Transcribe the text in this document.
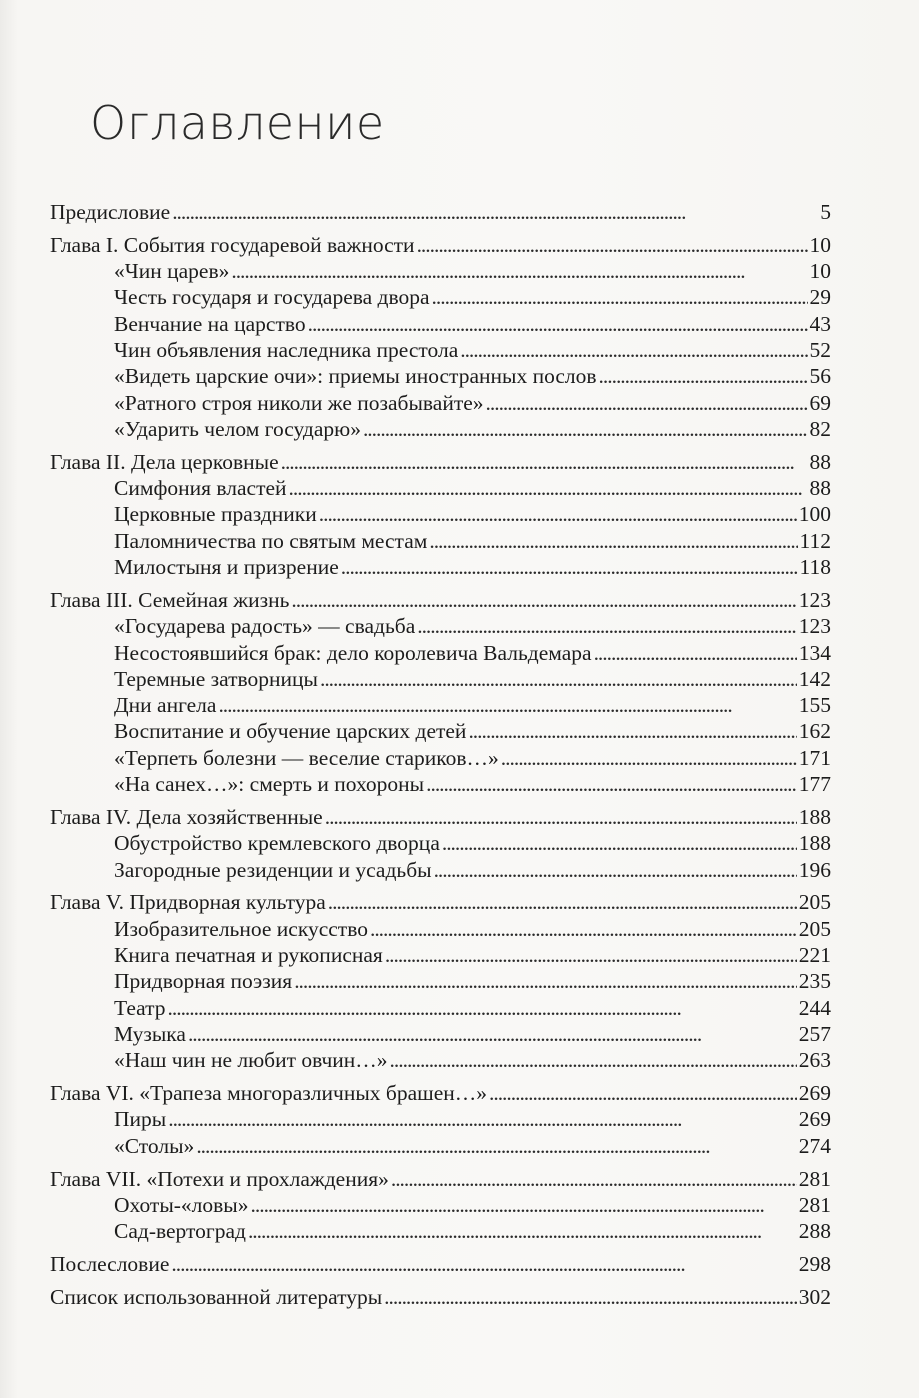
Оглавление
Предисловие . . .	5
Глава I. События государевой важности . . .	10
«Чин царев» . . .	10
Честь государя и государева двора . . .	29
Венчание на царство . . .	43
Чин объявления наследника престола . . .	52
«Видеть царские очи»: приемы иностранных послов . . .	56
«Ратного строя николи же позабывайте» . . .	69
«Ударить челом государю» . . .	82
Глава II. Дела церковные . . .	88
Симфония властей . . .	88
Церковные праздники . . .	100
Паломничества по святым местам . . .	112
Милостыня и призрение . . .	118
Глава III. Семейная жизнь . . .	123
«Государева радость» — свадьба . . .	123
Несостоявшийся брак: дело королевича Вальдемара . . .	134
Теремные затворницы . . .	142
Дни ангела . . .	155
Воспитание и обучение царских детей . . .	162
«Терпеть болезни — веселие стариков…» . . .	171
«На санех…»: смерть и похороны . . .	177
Глава IV. Дела хозяйственные . . .	188
Обустройство кремлевского дворца . . .	188
Загородные резиденции и усадьбы . . .	196
Глава V. Придворная культура . . .	205
Изобразительное искусство . . .	205
Книга печатная и рукописная . . .	221
Придворная поэзия . . .	235
Театр . . .	244
Музыка . . .	257
«Наш чин не любит овчин…» . . .	263
Глава VI. «Трапеза многоразличных брашен…» . . .	269
Пиры . . .	269
«Столы» . . .	274
Глава VII. «Потехи и прохлаждения» . . .	281
Охоты-«ловы» . . .	281
Сад-вертоград . . .	288
Послесловие . . .	298
Список использованной литературы . . .	302
